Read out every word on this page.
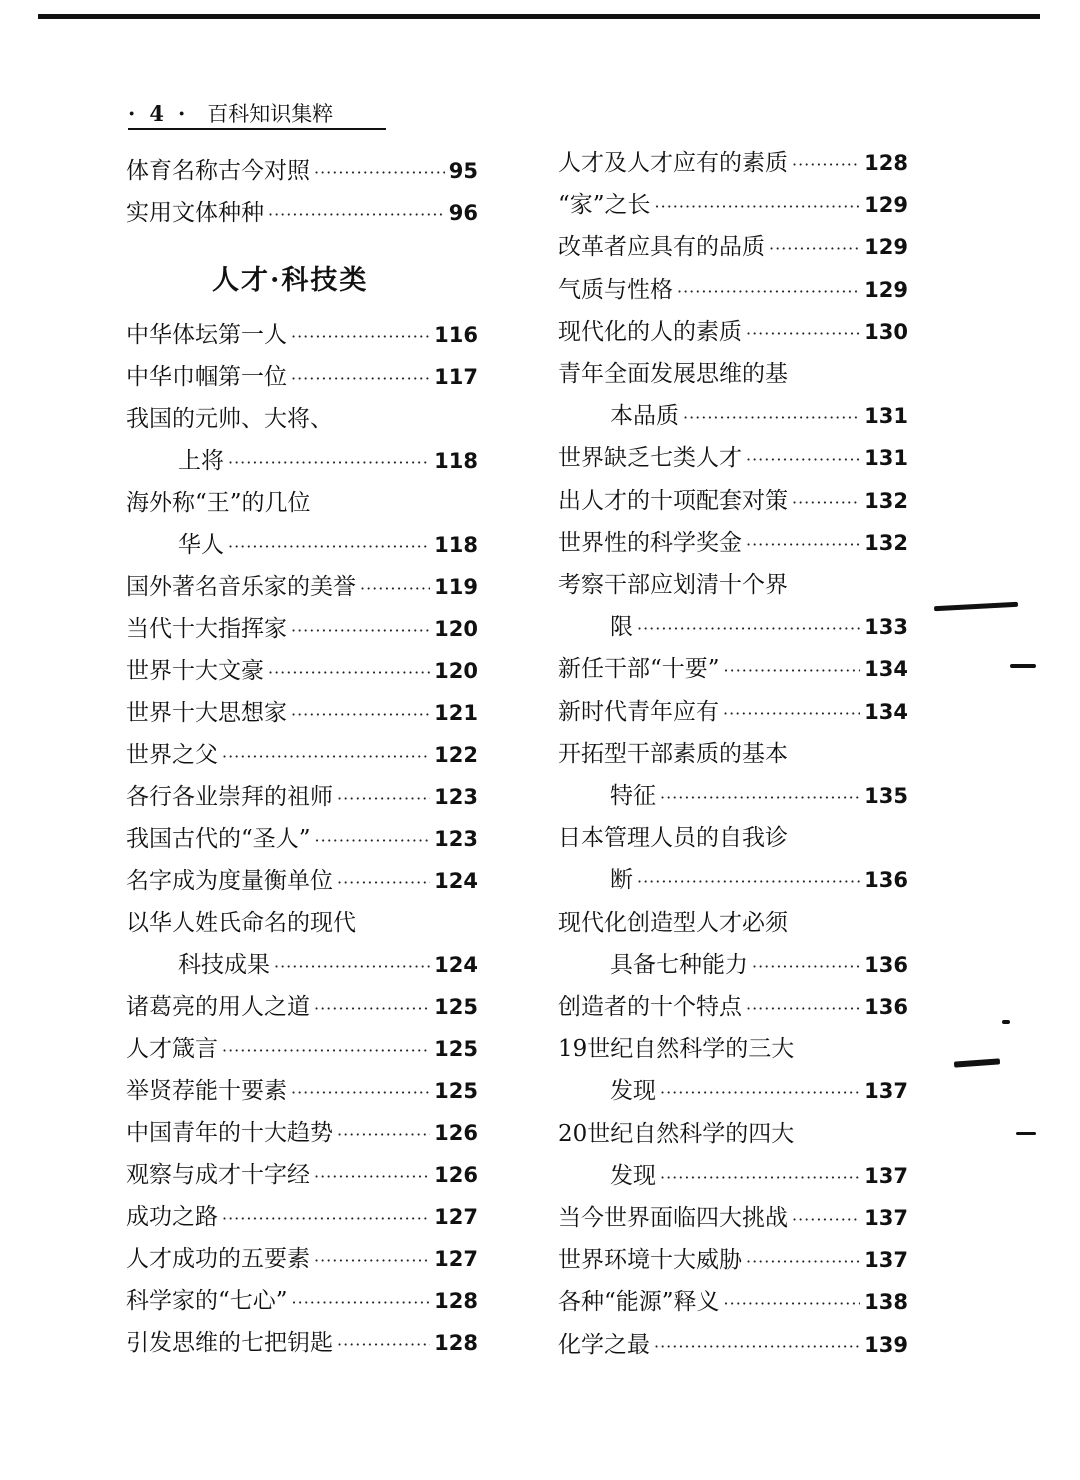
· 4 · 百科知识集粹
人才·科技类
体育名称古今对照 ·····	95
实用文体种种 ·····	96
中华体坛第一人 ·····	116
中华巾帼第一位 ·····	117
我国的元帅、大将、
上将 ·····	118
海外称“王”的几位
华人 ·····	118
国外著名音乐家的美誉 ·····	119
当代十大指挥家 ·····	120
世界十大文豪 ·····	120
世界十大思想家 ·····	121
世界之父 ·····	122
各行各业崇拜的祖师 ·····	123
我国古代的“圣人” ·····	123
名字成为度量衡单位 ·····	124
以华人姓氏命名的现代
科技成果 ·····	124
诸葛亮的用人之道 ·····	125
人才箴言 ·····	125
举贤荐能十要素 ·····	125
中国青年的十大趋势 ·····	126
观察与成才十字经 ·····	126
成功之路 ·····	127
人才成功的五要素 ·····	127
科学家的“七心” ·····	128
引发思维的七把钥匙 ·····	128
人才及人才应有的素质 ·····	128
“家”之长 ·····	129
改革者应具有的品质 ·····	129
气质与性格 ·····	129
现代化的人的素质 ·····	130
青年全面发展思维的基
本品质 ·····	131
世界缺乏七类人才 ·····	131
出人才的十项配套对策 ·····	132
世界性的科学奖金 ·····	132
考察干部应划清十个界
限 ·····	133
新任干部“十要” ·····	134
新时代青年应有 ·····	134
开拓型干部素质的基本
特征 ·····	135
日本管理人员的自我诊
断 ·····	136
现代化创造型人才必须
具备七种能力 ·····	136
创造者的十个特点 ·····	136
19世纪自然科学的三大
发现 ·····	137
20世纪自然科学的四大
发现 ·····	137
当今世界面临四大挑战 ·····	137
世界环境十大威胁 ·····	137
各种“能源”释义 ·····	138
化学之最 ·····	139
